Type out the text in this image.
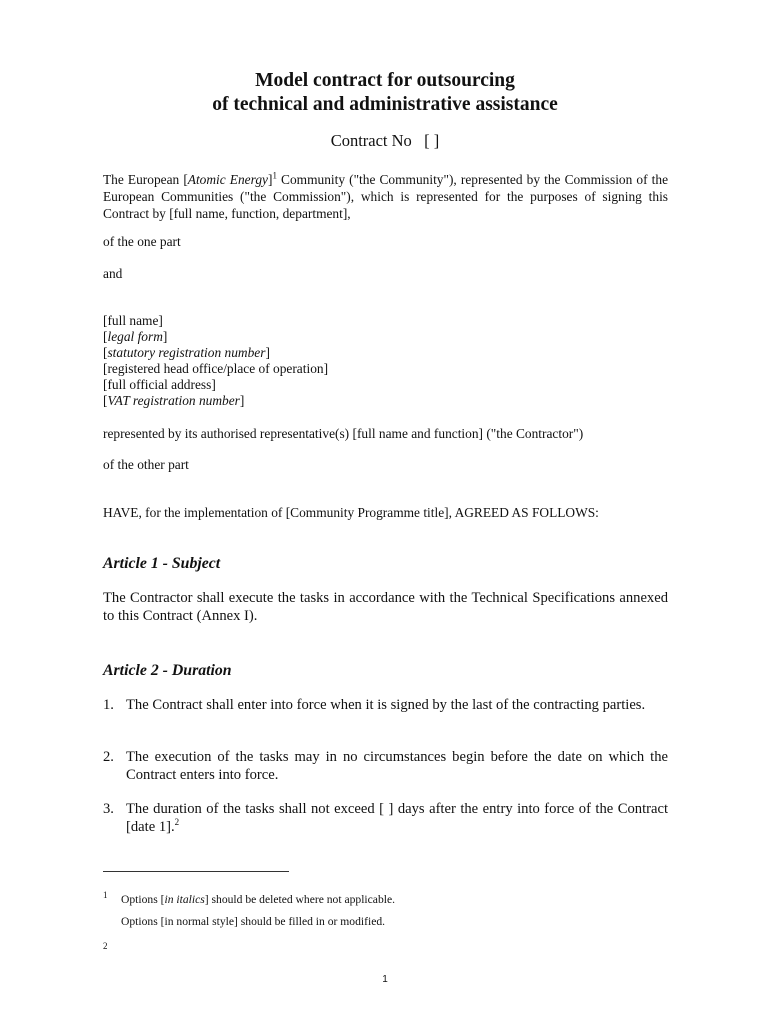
Model contract for outsourcing

of technical and administrative assistance

Contract No [ ]

The European [Atomic Energy]$^1$ Community ("the Community"), represented by the Commission of the European Communities ("the Commission"), which is represented for the purposes of signing this Contract by [full name, function, department],

of the one part

and

[full name]

[legal form]

[statutory registration number]

[registered head office/place of operation]

[full official address]

[VAT registration number]

represented by its authorised representative(s) [full name and function] ("the Contractor")

of the other part

HAVE, for the implementation of [Community Programme title], AGREED AS FOLLOWS:

Article 1 - Subject

The Contractor shall execute the tasks in accordance with the Technical Specifications annexed to this Contract (Annex I).

Article 2 - Duration

1. The Contract shall enter into force when it is signed by the last of the contracting parties.
2. The execution of the tasks may in no circumstances begin before the date on which the Contract enters into force.
3. The duration of the tasks shall not exceed [ ] days after the entry into force of the Contract [date 1].$^2$

1 Options [in italics] should be deleted where not applicable.

Options [in normal style] should be filled in or modified.

2

1
